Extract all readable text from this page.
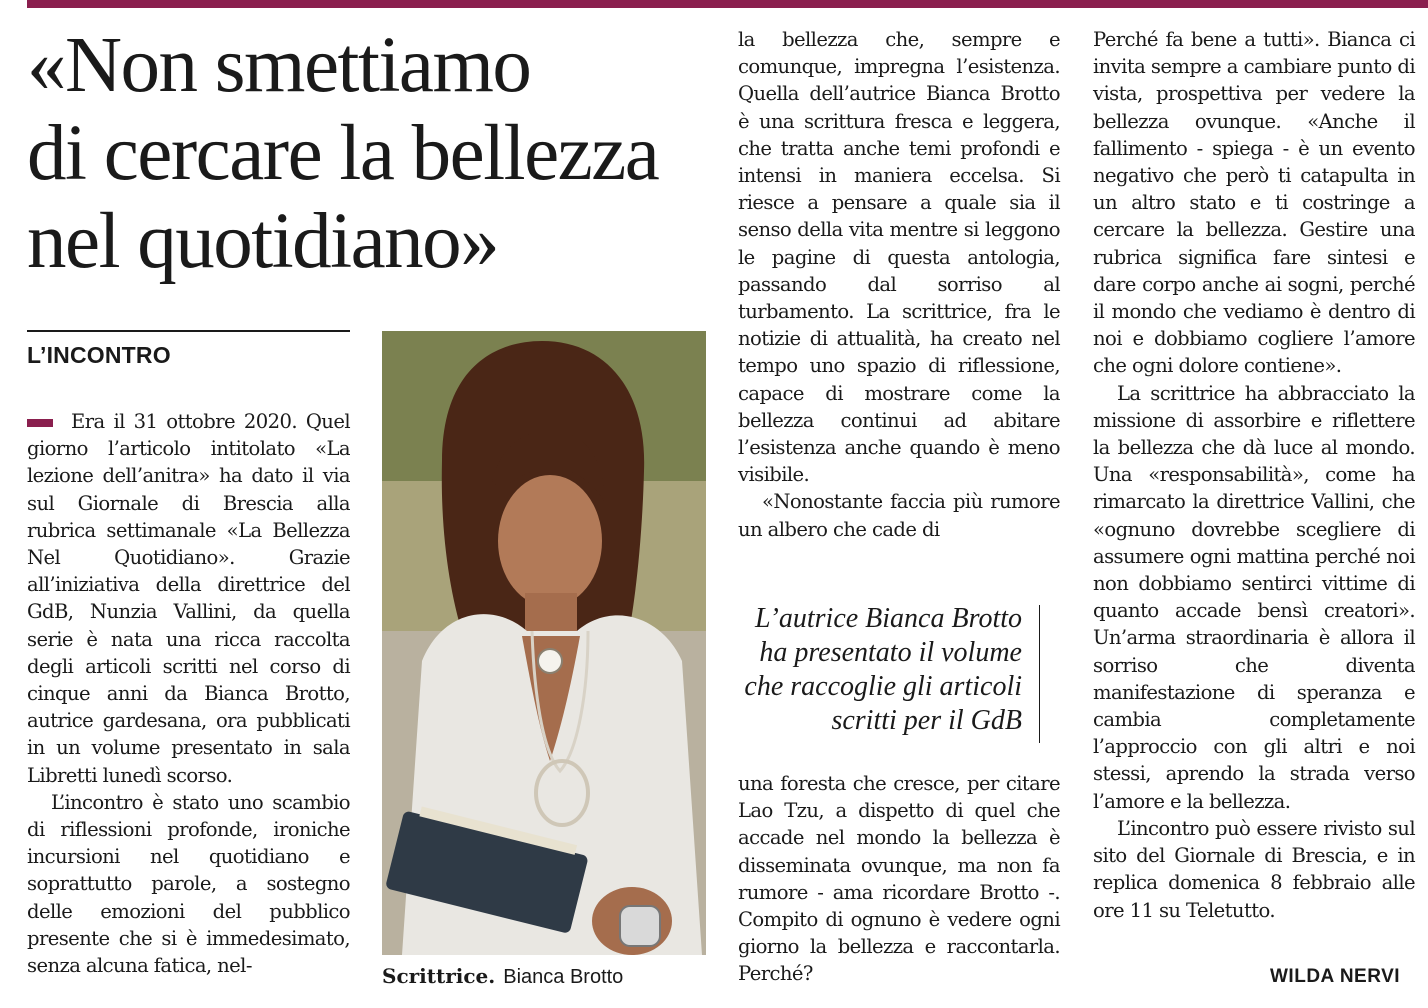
«Non smettiamo
di cercare la bellezza
nel quotidiano»
L’INCONTRO

Era il 31 ottobre 2020. Quel giorno l’articolo intitolato «La lezione dell’anitra» ha dato il via sul Giornale di Brescia alla rubrica settimanale «La Bellezza Nel Quotidiano». Grazie all’iniziativa della direttrice del GdB, Nunzia Vallini, da quella serie è nata una ricca raccolta degli articoli scritti nel corso di cinque anni da Bianca Brotto, autrice gardesana, ora pubblicati in un volume presentato in sala Libretti lunedì scorso.

L’incontro è stato uno scambio di riflessioni profonde, ironiche incursioni nel quotidiano e soprattutto parole, a sostegno delle emozioni del pubblico presente che si è immedesimato, senza alcuna fatica, nel-	Scrittrice. Bianca Brotto

la bellezza che, sempre e comunque, impregna l’esistenza. Quella dell’autrice Bianca Brotto è una scrittura fresca e leggera, che tratta anche temi profondi e intensi in maniera eccelsa. Si riesce a pensare a quale sia il senso della vita mentre si leggono le pagine di questa antologia, passando dal sorriso al turbamento. La scrittrice, fra le notizie di attualità, ha creato nel tempo uno spazio di riflessione, capace di mostrare come la bellezza continui ad abitare l’esistenza anche quando è meno visibile.

«Nonostante faccia più rumore un albero che cade di

L’autrice Bianca Brotto ha presentato il volume che raccoglie gli articoli scritti per il GdB

una foresta che cresce, per citare Lao Tzu, a dispetto di quel che accade nel mondo la bellezza è disseminata ovunque, ma non fa rumore - ama ricordare Brotto -. Compito di ognuno è vedere ogni giorno la bellezza e raccontarla. Perché?

Perché fa bene a tutti». Bianca ci invita sempre a cambiare punto di vista, prospettiva per vedere la bellezza ovunque. «Anche il fallimento - spiega - è un evento negativo che però ti catapulta in un altro stato e ti costringe a cercare la bellezza. Gestire una rubrica significa fare sintesi e dare corpo anche ai sogni, perché il mondo che vediamo è dentro di noi e dobbiamo cogliere l’amore che ogni dolore contiene».

La scrittrice ha abbracciato la missione di assorbire e riflettere la bellezza che dà luce al mondo. Una «responsabilità», come ha rimarcato la direttrice Vallini, che «ognuno dovrebbe scegliere di assumere ogni mattina perché noi non dobbiamo sentirci vittime di quanto accade bensì creatori». Un’arma straordinaria è allora il sorriso che diventa manifestazione di speranza e cambia completamente l’approccio con gli altri e noi stessi, aprendo la strada verso l’amore e la bellezza.

L’incontro può essere rivisto sul sito del Giornale di Brescia, e in replica domenica 8 febbraio alle ore 11 su Teletutto.

WILDA NERVI
